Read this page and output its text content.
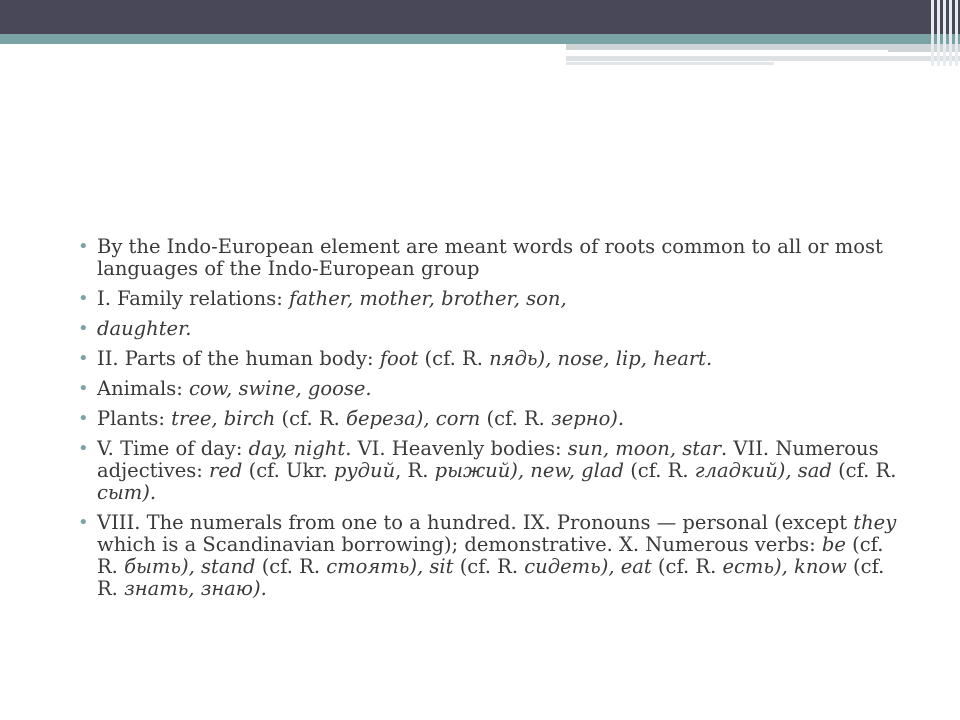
• By the Indo-European element are meant words of roots common to all or most languages of the Indo-European group
• I. Family relations: father, mother, brother, son,
• daughter.
• II. Parts of the human body: foot (cf. R. пядь), nose, lip, heart.
• Animals: cow, swine, goose.
• Plants: tree, birch (cf. R. береза), corn (cf. R. зерно).
• V. Time of day: day, night. VI. Heavenly bodies: sun, moon, star. VII. Numerous adjectives: red (cf. Ukr. рудий, R. рыжий), new, glad (cf. R. гладкий), sad (cf. R. сыт).
• VIII. The numerals from one to a hundred. IX. Pronouns — personal (except they which is a Scandinavian borrowing); demonstrative. X. Numerous verbs: be (cf. R. быть), stand (cf. R. стоять), sit (cf. R. сидеть), eat (cf. R. есть), know (cf. R. знать, знаю).
